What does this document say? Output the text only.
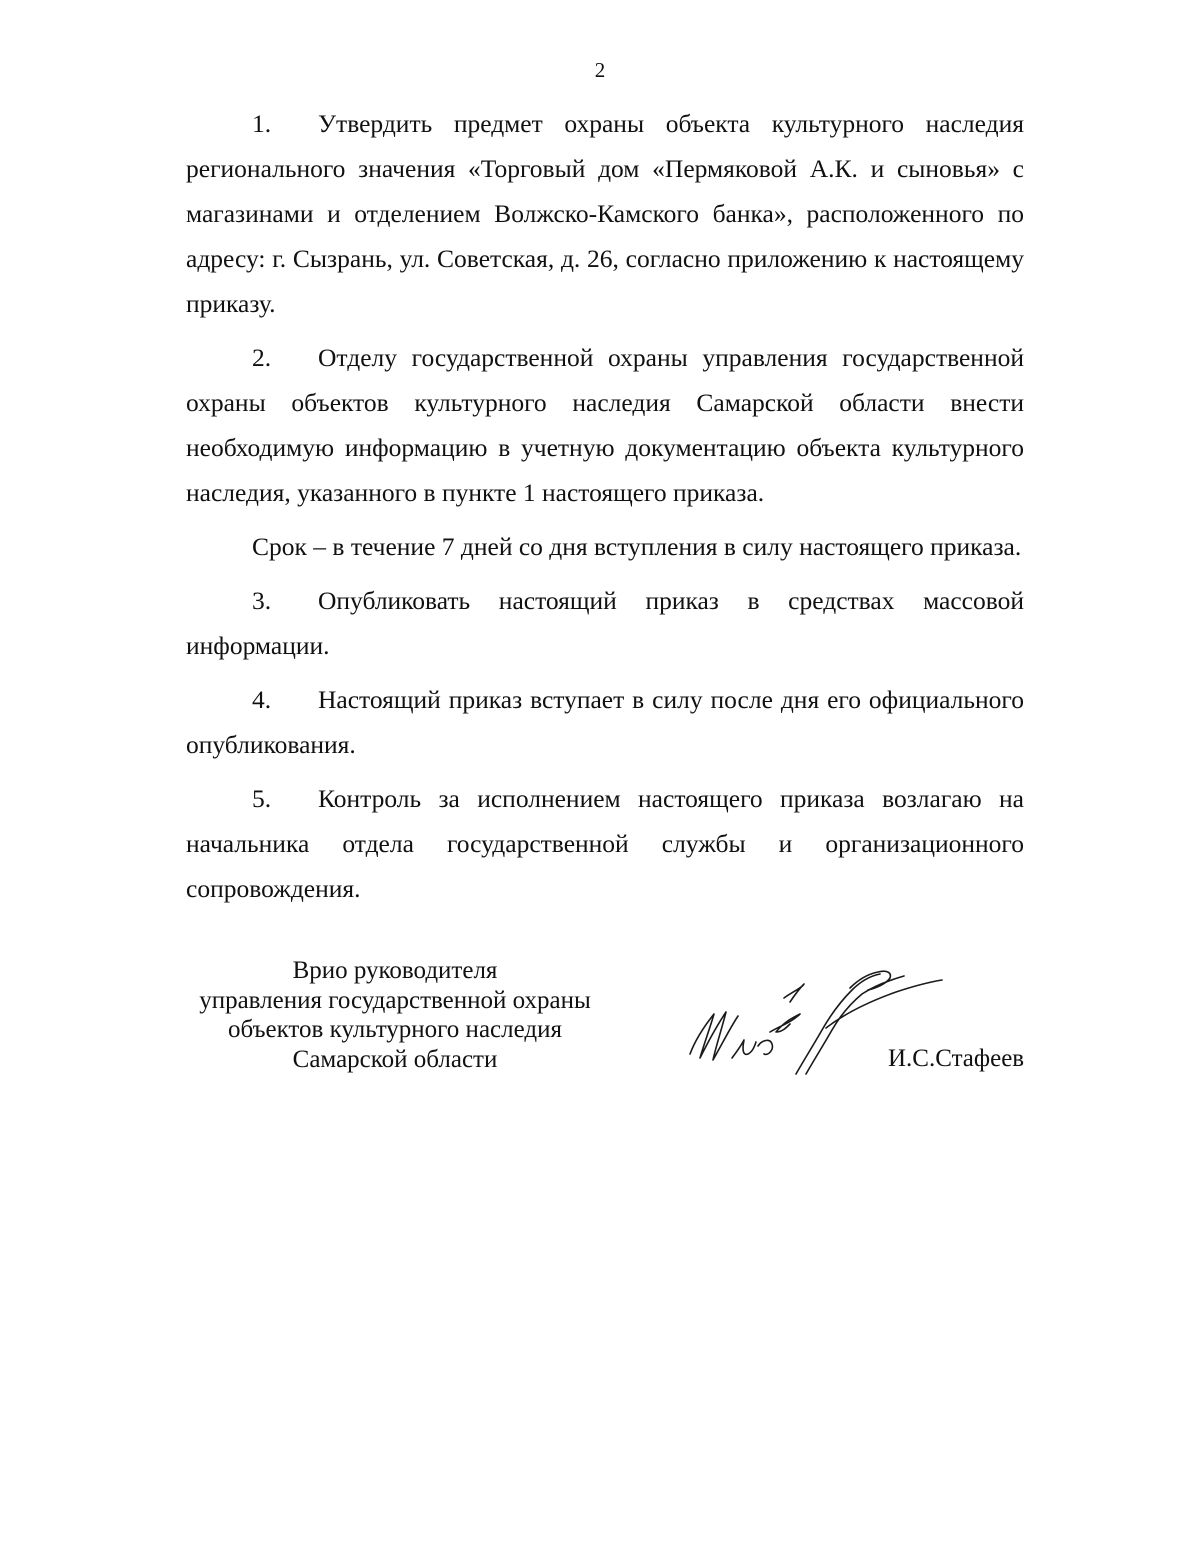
2

1. Утвердить предмет охраны объекта культурного наследия регионального значения «Торговый дом «Пермяковой А.К. и сыновья» с магазинами и отделением Волжско-Камского банка», расположенного по адресу: г. Сызрань, ул. Советская, д. 26, согласно приложению к настоящему приказу.

2. Отделу государственной охраны управления государственной охраны объектов культурного наследия Самарской области внести необходимую информацию в учетную документацию объекта культурного наследия, указанного в пункте 1 настоящего приказа.

Срок – в течение 7 дней со дня вступления в силу настоящего приказа.

3. Опубликовать настоящий приказ в средствах массовой информации.

4. Настоящий приказ вступает в силу после дня его официального опубликования.

5. Контроль за исполнением настоящего приказа возлагаю на начальника отдела государственной службы и организационного сопровождения.

Врио руководителя
управления государственной охраны
объектов культурного наследия
Самарской области	И.С.Стафеев
